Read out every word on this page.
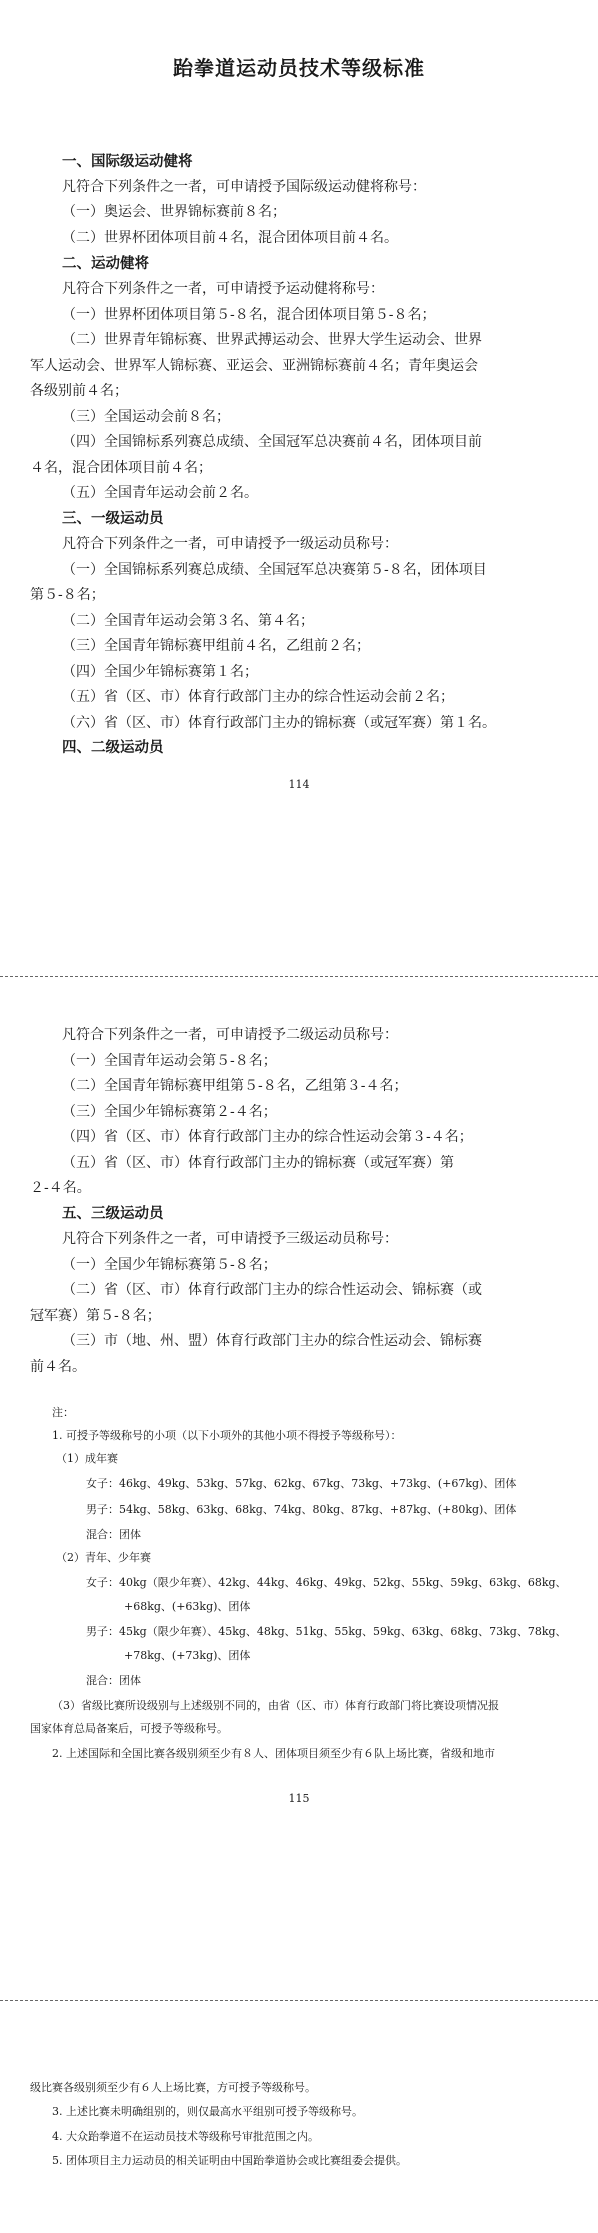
跆拳道运动员技术等级标准
一、国际级运动健将
凡符合下列条件之一者，可申请授予国际级运动健将称号：
（一）奥运会、世界锦标赛前８名；
（二）世界杯团体项目前４名，混合团体项目前４名。
二、运动健将
凡符合下列条件之一者，可申请授予运动健将称号：
（一）世界杯团体项目第５-８名，混合团体项目第５-８名；
（二）世界青年锦标赛、世界武搏运动会、世界大学生运动会、世界
军人运动会、世界军人锦标赛、亚运会、亚洲锦标赛前４名；青年奥运会
各级别前４名；
（三）全国运动会前８名；
（四）全国锦标系列赛总成绩、全国冠军总决赛前４名，团体项目前
４名，混合团体项目前４名；
（五）全国青年运动会前２名。
三、一级运动员
凡符合下列条件之一者，可申请授予一级运动员称号：
（一）全国锦标系列赛总成绩、全国冠军总决赛第５-８名，团体项目
第５-８名；
（二）全国青年运动会第３名、第４名；
（三）全国青年锦标赛甲组前４名，乙组前２名；
（四）全国少年锦标赛第１名；
（五）省（区、市）体育行政部门主办的综合性运动会前２名；
（六）省（区、市）体育行政部门主办的锦标赛（或冠军赛）第１名。
四、二级运动员
114
凡符合下列条件之一者，可申请授予二级运动员称号：
（一）全国青年运动会第５-８名；
（二）全国青年锦标赛甲组第５-８名，乙组第３-４名；
（三）全国少年锦标赛第２-４名；
（四）省（区、市）体育行政部门主办的综合性运动会第３-４名；
（五）省（区、市）体育行政部门主办的锦标赛（或冠军赛）第
２-４名。
五、三级运动员
凡符合下列条件之一者，可申请授予三级运动员称号：
（一）全国少年锦标赛第５-８名；
（二）省（区、市）体育行政部门主办的综合性运动会、锦标赛（或
冠军赛）第５-８名；
（三）市（地、州、盟）体育行政部门主办的综合性运动会、锦标赛
前４名。
注：
1. 可授予等级称号的小项（以下小项外的其他小项不得授予等级称号）：
（1）成年赛
女子：46kg、49kg、53kg、57kg、62kg、67kg、73kg、+73kg、(+67kg)、团体
男子：54kg、58kg、63kg、68kg、74kg、80kg、87kg、+87kg、(+80kg)、团体
混合：团体
（2）青年、少年赛
女子：40kg（限少年赛）、42kg、44kg、46kg、49kg、52kg、55kg、59kg、63kg、68kg、
+68kg、(+63kg)、团体
男子：45kg（限少年赛）、45kg、48kg、51kg、55kg、59kg、63kg、68kg、73kg、78kg、
+78kg、(+73kg)、团体
混合：团体
（3）省级比赛所设级别与上述级别不同的，由省（区、市）体育行政部门将比赛设项情况报
国家体育总局备案后，可授予等级称号。
2. 上述国际和全国比赛各级别须至少有８人、团体项目须至少有６队上场比赛，省级和地市
115
级比赛各级别须至少有６人上场比赛，方可授予等级称号。
3. 上述比赛未明确组别的，则仅最高水平组别可授予等级称号。
4. 大众跆拳道不在运动员技术等级称号审批范围之内。
5. 团体项目主力运动员的相关证明由中国跆拳道协会或比赛组委会提供。
